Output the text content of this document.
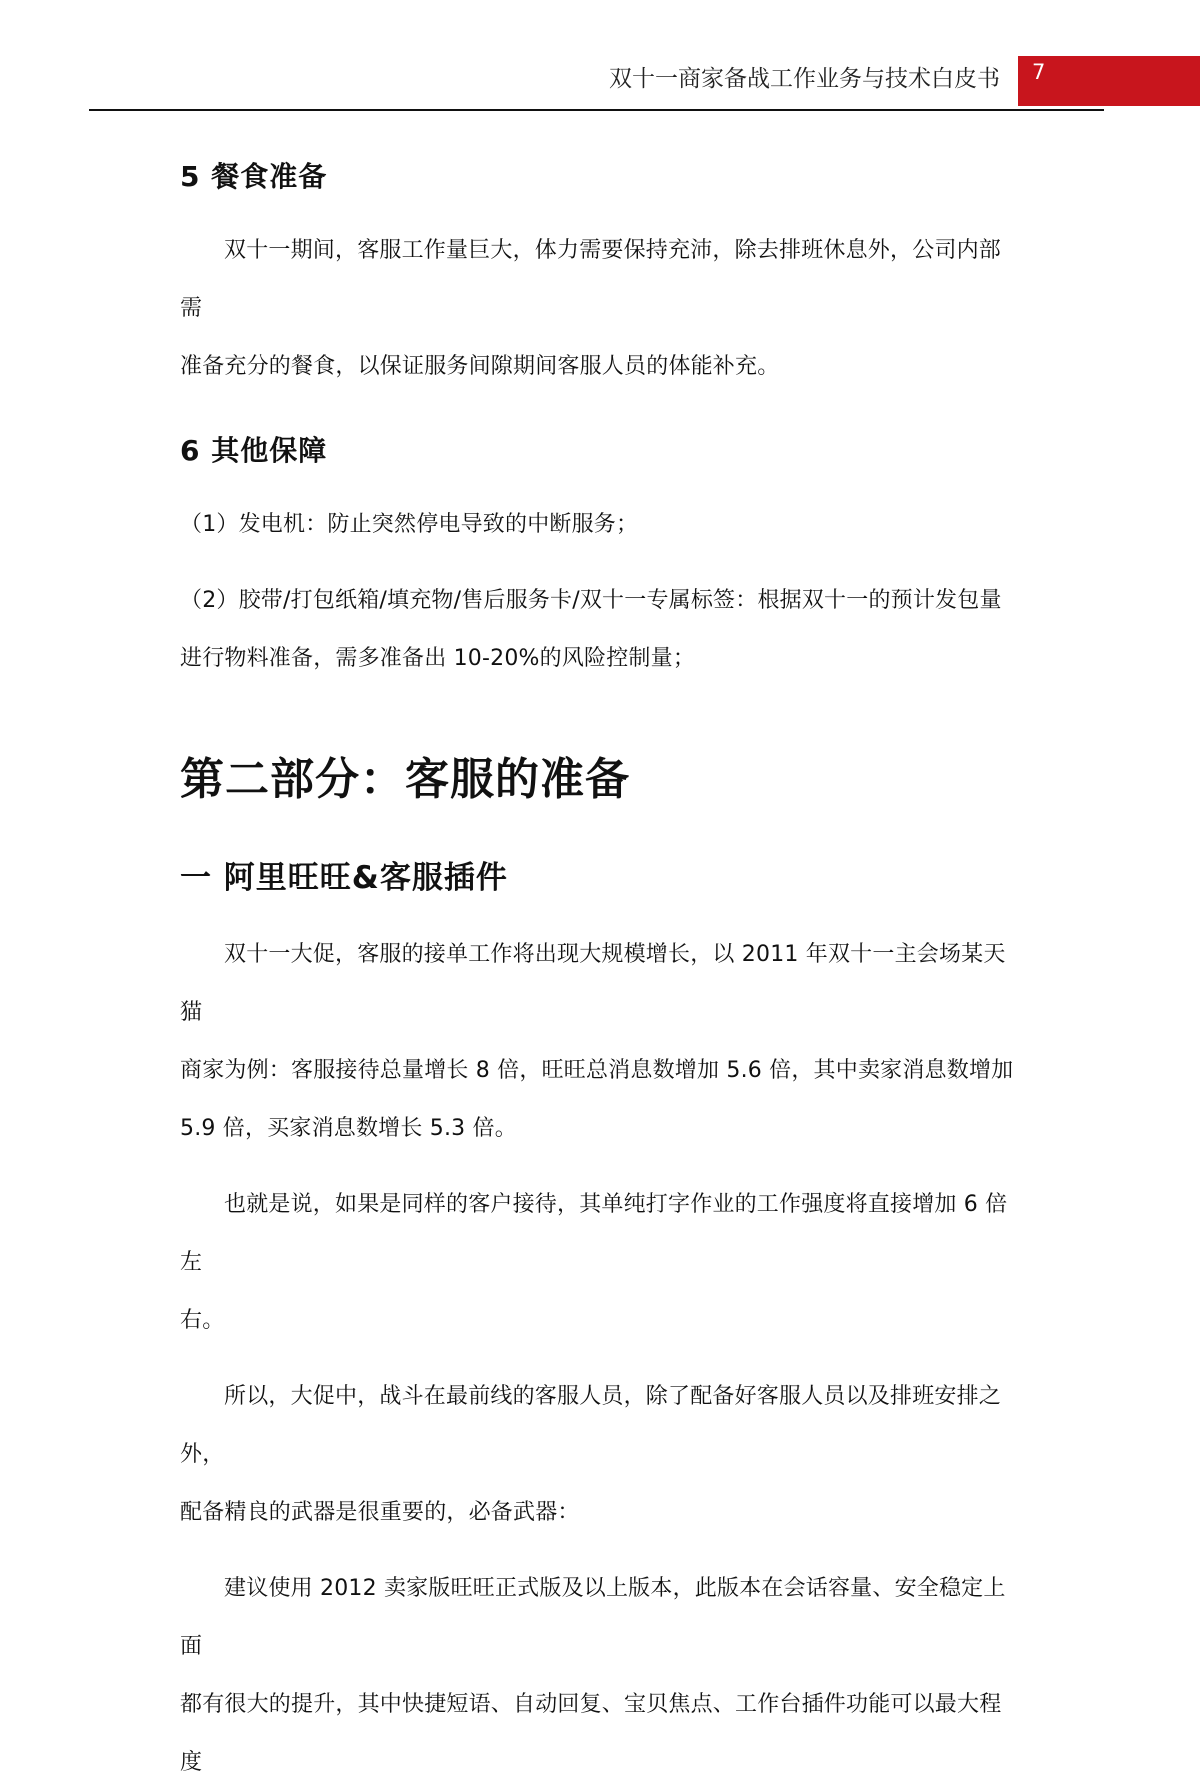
双十一商家备战工作业务与技术白皮书 7
5 餐食准备

双十一期间，客服工作量巨大，体力需要保持充沛，除去排班休息外，公司内部需

准备充分的餐食，以保证服务间隙期间客服人员的体能补充。

6 其他保障

（1）发电机：防止突然停电导致的中断服务；

（2）胶带/打包纸箱/填充物/售后服务卡/双十一专属标签：根据双十一的预计发包量

进行物料准备，需多准备出 10-20%的风险控制量；

第二部分：客服的准备
一 阿里旺旺&客服插件

双十一大促，客服的接单工作将出现大规模增长，以 2011 年双十一主会场某天猫

商家为例：客服接待总量增长 8 倍，旺旺总消息数增加 5.6 倍，其中卖家消息数增加

5.9 倍，买家消息数增长 5.3 倍。

也就是说，如果是同样的客户接待，其单纯打字作业的工作强度将直接增加 6 倍左

右。

所以，大促中，战斗在最前线的客服人员，除了配备好客服人员以及排班安排之外，

配备精良的武器是很重要的，必备武器：

建议使用 2012 卖家版旺旺正式版及以上版本，此版本在会话容量、安全稳定上面

都有很大的提升，其中快捷短语、自动回复、宝贝焦点、工作台插件功能可以最大程度
